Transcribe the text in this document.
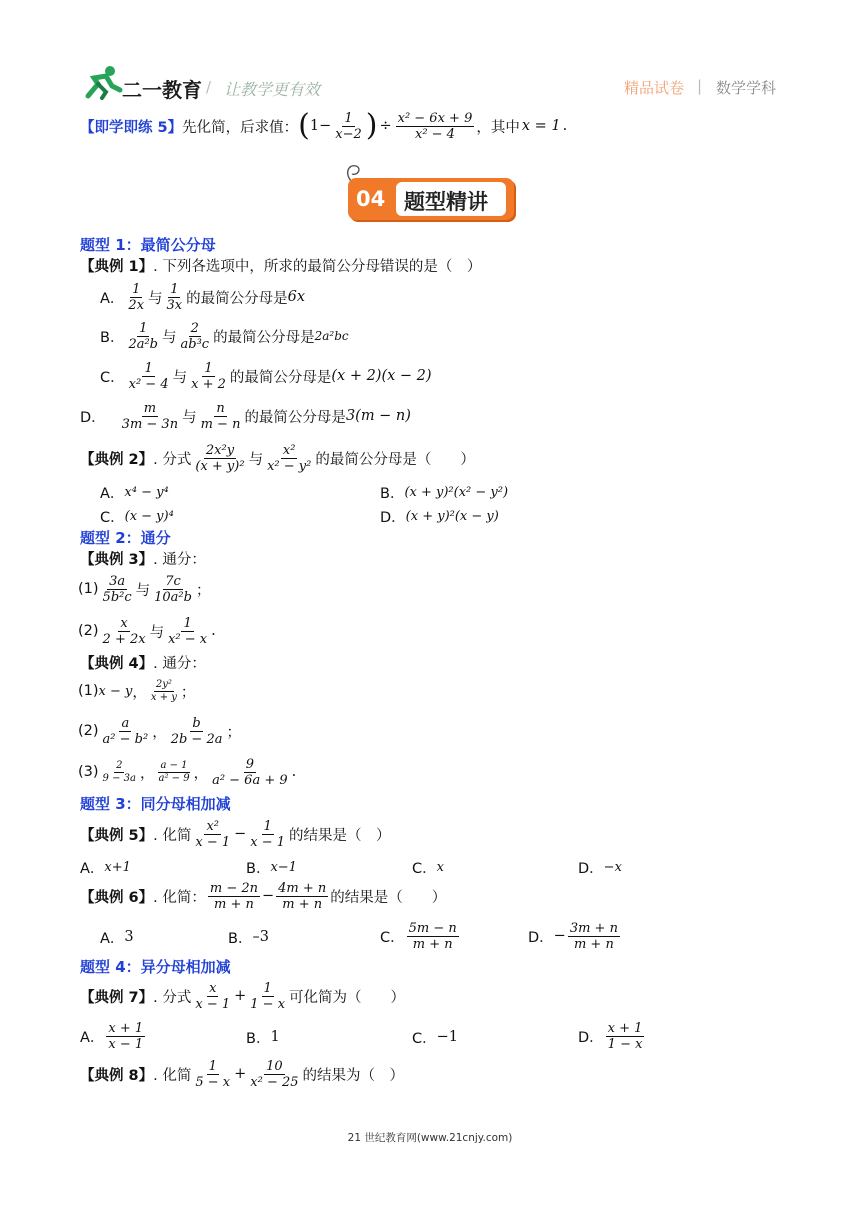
二一教育 / 让教学更有效	精品试卷 | 数学学科
【即学即练 5】 先化简，后求值： ( $1- \frac{1}{x-2}$ ) ÷ $\frac{\text{x² − 6x + 9}}{\text{x² − 4}}$ ，其中 x = 1 .
04 题型精讲
题型 1：最简公分母
【典例 1】 . 下列各选项中，所求的最简公分母错误的是（　）
A． $\frac{1}{2x}$ 与 $\frac{1}{3x}$ 的最简公分母是 6x
B． $\frac{1}{\text{2a²b}}$ 与 $\frac{2}{\text{ab³c}}$ 的最简公分母是 2a²bc
C． $\frac{1}{\text{x² − 4}}$ 与 $\frac{1}{x + 2}$ 的最简公分母是 (x + 2)(x − 2)
D． $\frac{m}{3m - 3n}$ 与 $\frac{n}{m - n}$ 的最简公分母是 3(m − n)
【典例 2】 . 分式 $\frac{\text{2x²y}}{\text{(x + y)²}}$ 与 $\frac{\text{x²}}{\text{x² − y²}}$ 的最简公分母是（　　）
A． x⁴ − y⁴	B． (x + y)²(x² − y²)
C． (x − y)⁴	D． (x + y)²(x − y)
题型 2：通分
【典例 3】 . 通分：
$(1) \frac{3a}{\text{5b²c}}$ 与 $\frac{7c}{\text{10a²b}}$ ；
$(2) \frac{x}{2 + 2x}$ 与 $\frac{1}{\text{x² − x}}$ .
【典例 4】 . 通分：
(1) x − y ， $\frac{\text{2y²}}{x + y}$ ；
$(2) \frac{a}{\text{a² − b²}}$ ， $\frac{b}{2b - 2a}$ ；
$(3) \frac{2}{9 - 3a}$ ， $\frac{a - 1}{\text{a² − 9}}$ ， $\frac{9}{\text{a² − 6a + 9}}$ .
题型 3：同分母相加减
【典例 5】 . 化简 $\frac{\text{x²}}{x - 1} - \frac{1}{x - 1}$ 的结果是（　）
A． x+1	B． x−1	C． x	D． −x
【典例 6】 . 化简： $\frac{m - 2n}{m + n} - \frac{4m + n}{m + n}$ 的结果是（　　）
A． 3	B． –3	C． $\frac{5m - n}{m + n}$	D． − $\frac{3m + n}{m + n}$
题型 4：异分母相加减
【典例 7】 . 分式 $\frac{x}{x - 1} + \frac{1}{1 - x}$ 可化简为（　　）
A． $\frac{x + 1}{x - 1}$	B． 1	C． −1	D． $\frac{x + 1}{1 - x}$
【典例 8】 . 化简 $\frac{1}{5 - x} + \frac{10}{\text{x² − 25}}$ 的结果为（　）
21 世纪教育网(www.21cnjy.com)
